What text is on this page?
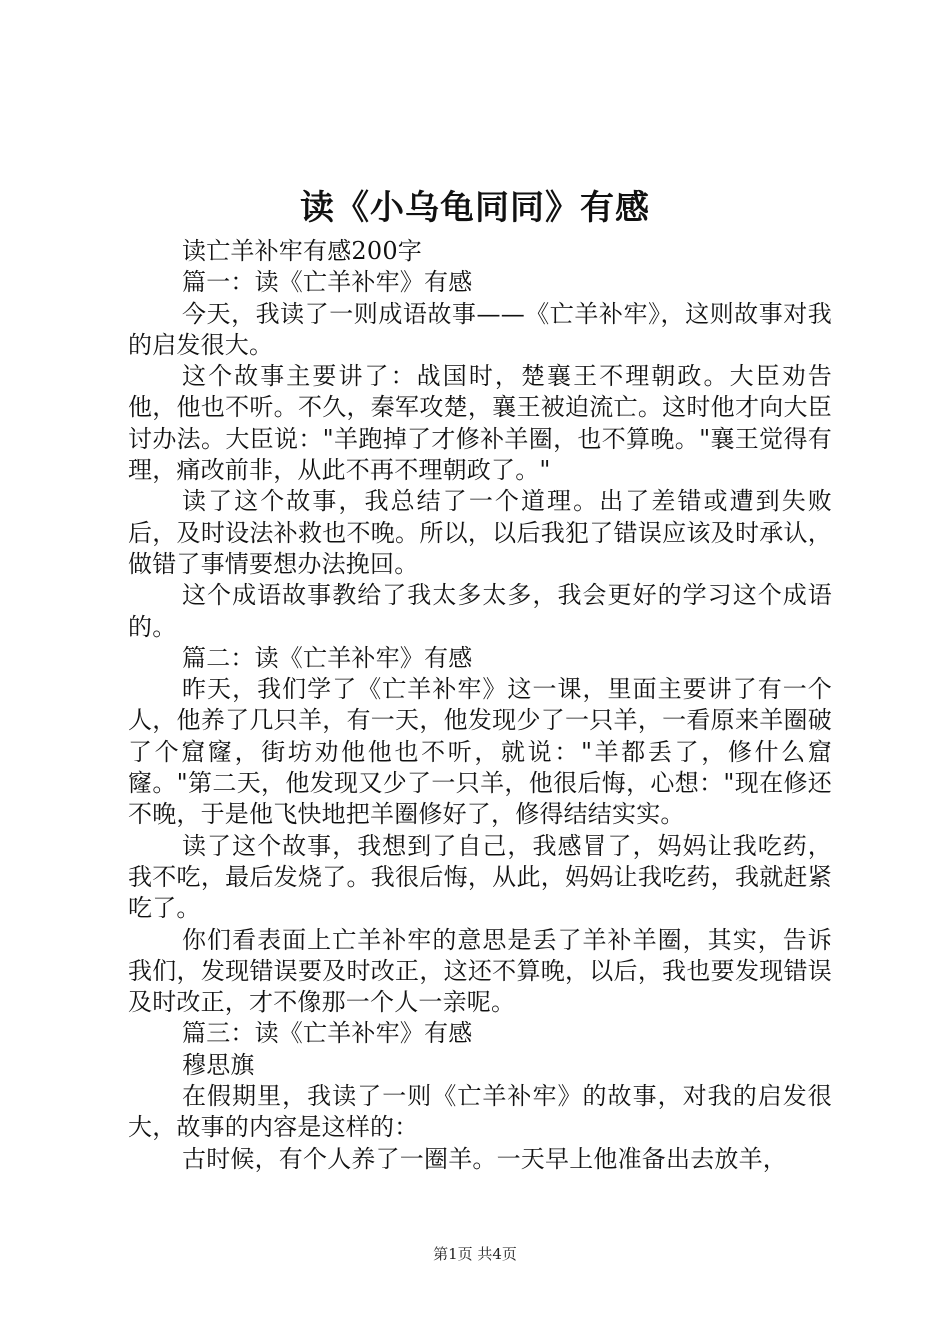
读《小乌龟同同》有感

读亡羊补牢有感200字

篇一：读《亡羊补牢》有感

今天，我读了一则成语故事——《亡羊补牢》，这则故事对我的启发很大。

这个故事主要讲了：战国时，楚襄王不理朝政。大臣劝告他，他也不听。不久，秦军攻楚，襄王被迫流亡。这时他才向大臣讨办法。大臣说："羊跑掉了才修补羊圈，也不算晚。"襄王觉得有理，痛改前非，从此不再不理朝政了。"

读了这个故事，我总结了一个道理。出了差错或遭到失败后，及时设法补救也不晚。所以，以后我犯了错误应该及时承认，做错了事情要想办法挽回。

这个成语故事教给了我太多太多，我会更好的学习这个成语的。

篇二：读《亡羊补牢》有感

昨天，我们学了《亡羊补牢》这一课，里面主要讲了有一个人，他养了几只羊，有一天，他发现少了一只羊，一看原来羊圈破了个窟窿，街坊劝他他也不听，就说："羊都丢了，修什么窟窿。"第二天，他发现又少了一只羊，他很后悔，心想："现在修还不晚，于是他飞快地把羊圈修好了，修得结结实实。

读了这个故事，我想到了自己，我感冒了，妈妈让我吃药，我不吃，最后发烧了。我很后悔，从此，妈妈让我吃药，我就赶紧吃了。

你们看表面上亡羊补牢的意思是丢了羊补羊圈，其实，告诉我们，发现错误要及时改正，这还不算晚，以后，我也要发现错误及时改正，才不像那一个人一亲呢。

篇三：读《亡羊补牢》有感

穆思旗

在假期里，我读了一则《亡羊补牢》的故事，对我的启发很大，故事的内容是这样的：

古时候，有个人养了一圈羊。一天早上他准备出去放羊，

第1页 共4页
